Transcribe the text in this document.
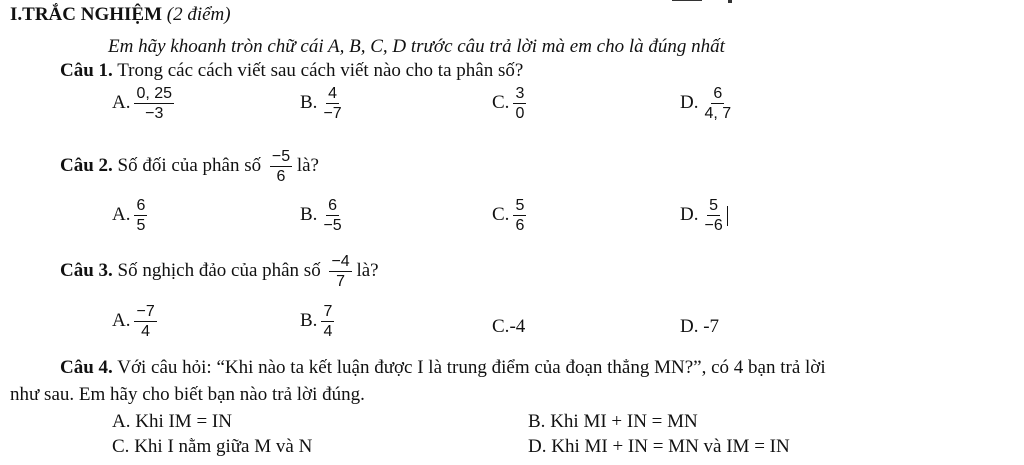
I.TRẮC NGHIỆM (2 điểm)
Em hãy khoanh tròn chữ cái A, B, C, D trước câu trả lời mà em cho là đúng nhất
Câu 1. Trong các cách viết sau cách viết nào cho ta phân số?
A. $\frac{0, 25}{-3}$	B. $\frac{4}{-7}$	C. $\frac{3}{0}$	D. $\frac{6}{4, 7}$
Câu 2. Số đối của phân số $\frac{-5}{6}$ là?
A. $\frac{6}{5}$	B. $\frac{6}{-5}$	C. $\frac{5}{6}$	D. $\frac{5}{-6}$
Câu 3. Số nghịch đảo của phân số $\frac{-4}{7}$ là?
A. $\frac{-7}{4}$	B. $\frac{7}{4}$	C.-4	D. -7
Câu 4. Với câu hỏi: “Khi nào ta kết luận được I là trung điểm của đoạn thẳng MN?”, có 4 bạn trả lời
như sau. Em hãy cho biết bạn nào trả lời đúng.
A. Khi IM = IN	B. Khi MI + IN = MN
C. Khi I nằm giữa M và N	D. Khi MI + IN = MN và IM = IN
